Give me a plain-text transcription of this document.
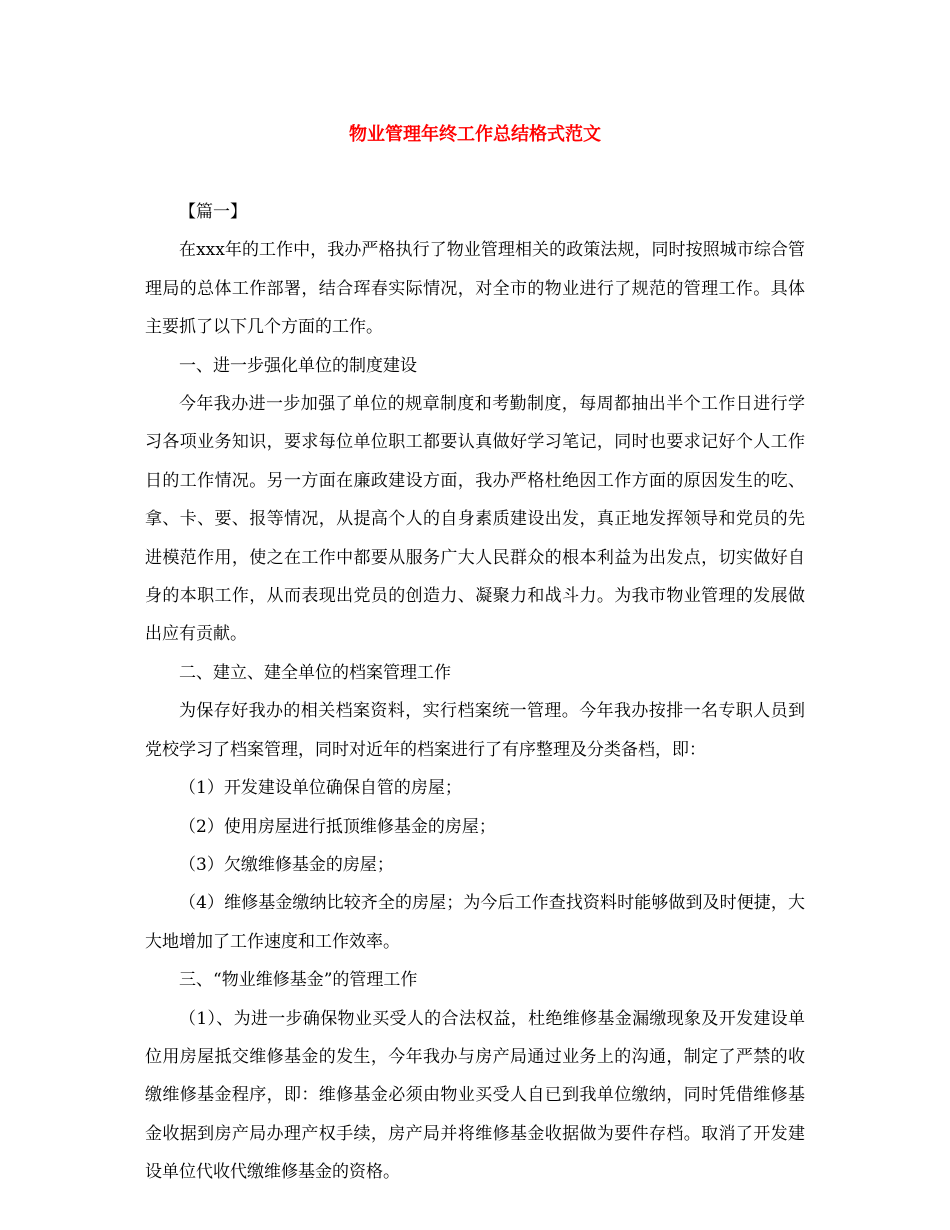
物业管理年终工作总结格式范文

【篇一】

在xxx年的工作中，我办严格执行了物业管理相关的政策法规，同时按照城市综合管理局的总体工作部署，结合珲春实际情况，对全市的物业进行了规范的管理工作。具体主要抓了以下几个方面的工作。

一、进一步强化单位的制度建设

今年我办进一步加强了单位的规章制度和考勤制度，每周都抽出半个工作日进行学习各项业务知识，要求每位单位职工都要认真做好学习笔记，同时也要求记好个人工作日的工作情况。另一方面在廉政建设方面，我办严格杜绝因工作方面的原因发生的吃、拿、卡、要、报等情况，从提高个人的自身素质建设出发，真正地发挥领导和党员的先进模范作用，使之在工作中都要从服务广大人民群众的根本利益为出发点，切实做好自身的本职工作，从而表现出党员的创造力、凝聚力和战斗力。为我市物业管理的发展做出应有贡献。

二、建立、建全单位的档案管理工作

为保存好我办的相关档案资料，实行档案统一管理。今年我办按排一名专职人员到党校学习了档案管理，同时对近年的档案进行了有序整理及分类备档，即：

（1）开发建设单位确保自管的房屋；

（2）使用房屋进行抵顶维修基金的房屋；

（3）欠缴维修基金的房屋；

（4）维修基金缴纳比较齐全的房屋；为今后工作查找资料时能够做到及时便捷，大大地增加了工作速度和工作效率。

三、“物业维修基金”的管理工作

（1）、为进一步确保物业买受人的合法权益，杜绝维修基金漏缴现象及开发建设单位用房屋抵交维修基金的发生，今年我办与房产局通过业务上的沟通，制定了严禁的收缴维修基金程序，即：维修基金必须由物业买受人自已到我单位缴纳，同时凭借维修基金收据到房产局办理产权手续，房产局并将维修基金收据做为要件存档。取消了开发建设单位代收代缴维修基金的资格。
